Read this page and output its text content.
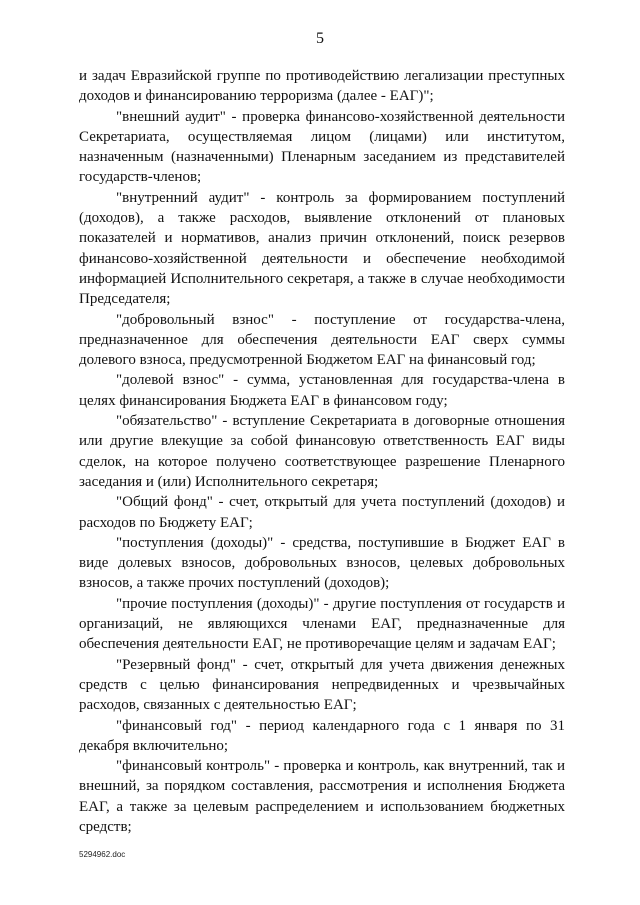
5

и задач Евразийской группе по противодействию легализации преступных доходов и финансированию терроризма (далее - ЕАГ)";

"внешний аудит" - проверка финансово-хозяйственной деятельности Секретариата, осуществляемая лицом (лицами) или институтом, назначенным (назначенными) Пленарным заседанием из представителей государств-членов;

"внутренний аудит" - контроль за формированием поступлений (доходов), а также расходов, выявление отклонений от плановых показателей и нормативов, анализ причин отклонений, поиск резервов финансово-хозяйственной деятельности и обеспечение необходимой информацией Исполнительного секретаря, а также в случае необходимости Председателя;

"добровольный взнос" - поступление от государства-члена, предназначенное для обеспечения деятельности ЕАГ сверх суммы долевого взноса, предусмотренной Бюджетом ЕАГ на финансовый год;

"долевой взнос" - сумма, установленная для государства-члена в целях финансирования Бюджета ЕАГ в финансовом году;

"обязательство" - вступление Секретариата в договорные отношения или другие влекущие за собой финансовую ответственность ЕАГ виды сделок, на которое получено соответствующее разрешение Пленарного заседания и (или) Исполнительного секретаря;

"Общий фонд" - счет, открытый для учета поступлений (доходов) и расходов по Бюджету ЕАГ;

"поступления (доходы)" - средства, поступившие в Бюджет ЕАГ в виде долевых взносов, добровольных взносов, целевых добровольных взносов, а также прочих поступлений (доходов);

"прочие поступления (доходы)" - другие поступления от государств и организаций, не являющихся членами ЕАГ, предназначенные для обеспечения деятельности ЕАГ, не противоречащие целям и задачам ЕАГ;

"Резервный фонд" - счет, открытый для учета движения денежных средств с целью финансирования непредвиденных и чрезвычайных расходов, связанных с деятельностью ЕАГ;

"финансовый год" - период календарного года с 1 января по 31 декабря включительно;

"финансовый контроль" - проверка и контроль, как внутренний, так и внешний, за порядком составления, рассмотрения и исполнения Бюджета ЕАГ, а также за целевым распределением и использованием бюджетных средств;

5294962.doc
